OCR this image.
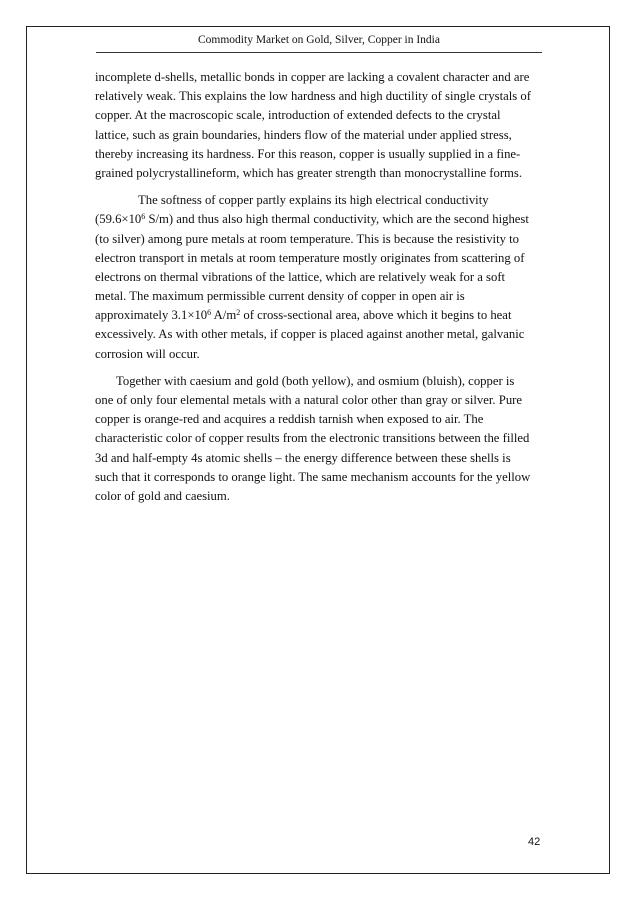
Commodity Market on Gold, Silver, Copper in India
incomplete d-shells, metallic bonds in copper are lacking a covalent character and are
relatively weak. This explains the low hardness and high ductility of single crystals of
copper. At the macroscopic scale, introduction of extended defects to the crystal
lattice, such as grain boundaries, hinders flow of the material under applied stress,
thereby increasing its hardness. For this reason, copper is usually supplied in a fine-
grained polycrystallineform, which has greater strength than monocrystalline forms.
The softness of copper partly explains its high electrical conductivity
($59.6\times 10^6$ S/m) and thus also high thermal conductivity, which are the second highest
(to silver) among pure metals at room temperature. This is because the resistivity to
electron transport in metals at room temperature mostly originates from scattering of
electrons on thermal vibrations of the lattice, which are relatively weak for a soft
metal. The maximum permissible current density of copper in open air is
approximately $3.1\times 10^6$ $A/m^2$ of cross-sectional area, above which it begins to heat
excessively. As with other metals, if copper is placed against another metal, galvanic
corrosion will occur.
Together with caesium and gold (both yellow), and osmium (bluish), copper is
one of only four elemental metals with a natural color other than gray or silver. Pure
copper is orange-red and acquires a reddish tarnish when exposed to air. The
characteristic color of copper results from the electronic transitions between the filled
3d and half-empty 4s atomic shells – the energy difference between these shells is
such that it corresponds to orange light. The same mechanism accounts for the yellow
color of gold and caesium.
42
